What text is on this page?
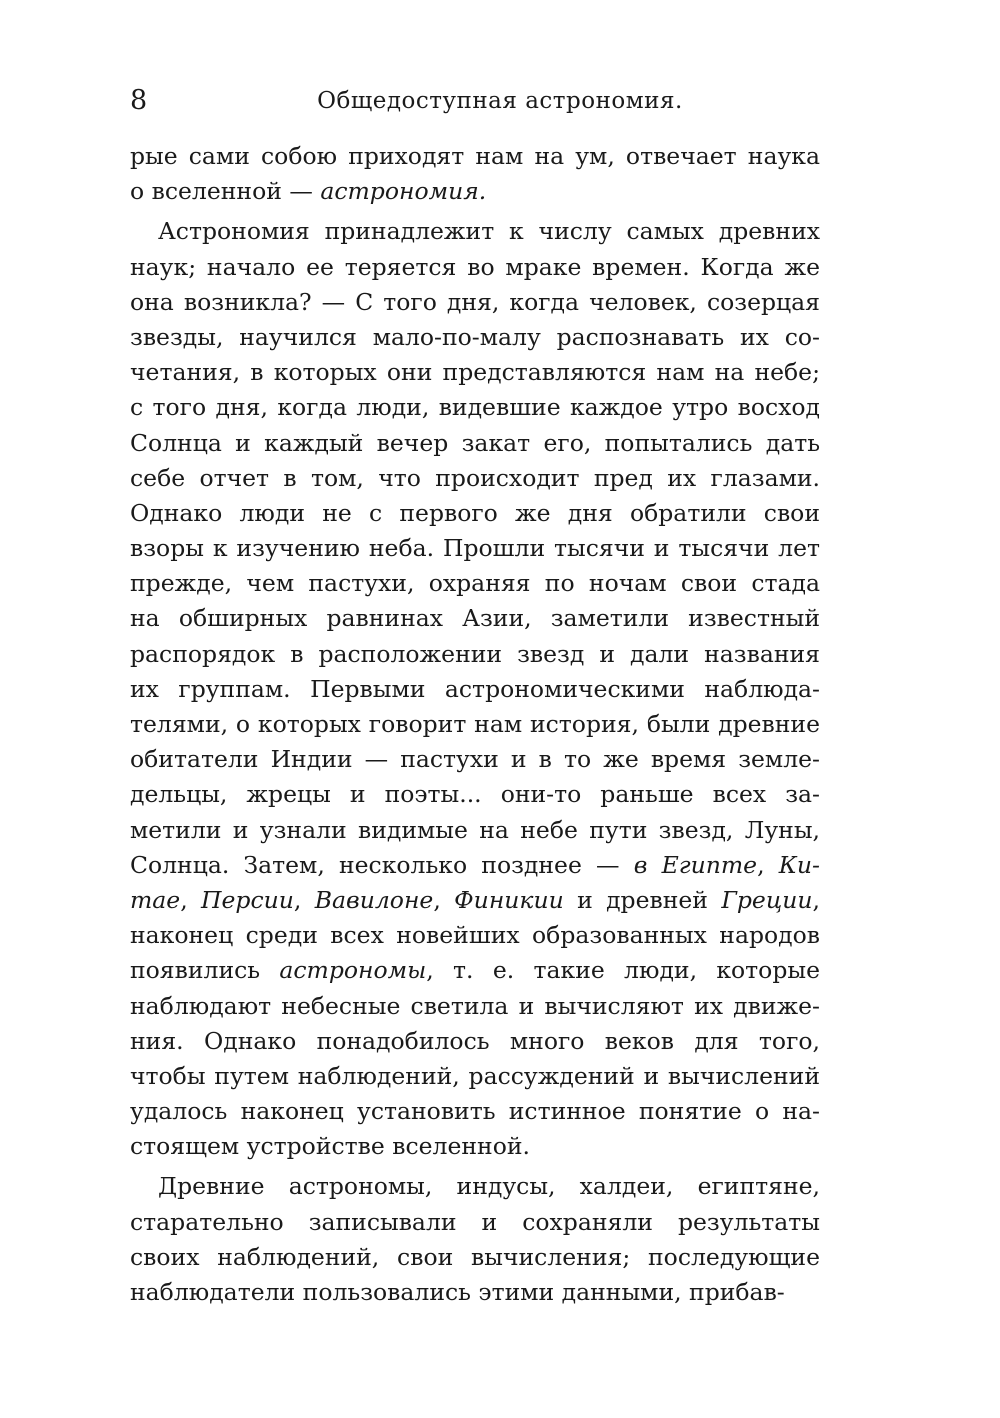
8	Общедоступная астрономия.
рые сами собою приходят нам на ум, отвечает наука
о вселенной — астрономия.
Астрономия принадлежит к числу самых древних
наук; начало ее теряется во мраке времен. Когда же
она возникла? — С того дня, когда человек, созерцая
звезды, научился мало-по-малу распознавать их со-
четания, в которых они представляются нам на небе;
с того дня, когда люди, видевшие каждое утро восход
Солнца и каждый вечер закат его, попытались дать
себе отчет в том, что происходит пред их глазами.
Однако люди не с первого же дня обратили свои
взоры к изучению неба. Прошли тысячи и тысячи лет
прежде, чем пастухи, охраняя по ночам свои стада
на обширных равнинах Азии, заметили известный
распорядок в расположении звезд и дали названия
их группам. Первыми астрономическими наблюда-
телями, о которых говорит нам история, были древние
обитатели Индии — пастухи и в то же время земле-
дельцы, жрецы и поэты... они-то раньше всех за-
метили и узнали видимые на небе пути звезд, Луны,
Солнца. Затем, несколько позднее — в Египте, Ки-
тае, Персии, Вавилоне, Финикии и древней Греции,
наконец среди всех новейших образованных народов
появились астрономы, т. е. такие люди, которые
наблюдают небесные светила и вычисляют их движе-
ния. Однако понадобилось много веков для того,
чтобы путем наблюдений, рассуждений и вычислений
удалось наконец установить истинное понятие о на-
стоящем устройстве вселенной.
Древние астрономы, индусы, халдеи, египтяне,
старательно записывали и сохраняли результаты
своих наблюдений, свои вычисления; последующие
наблюдатели пользовались этими данными, прибав-
